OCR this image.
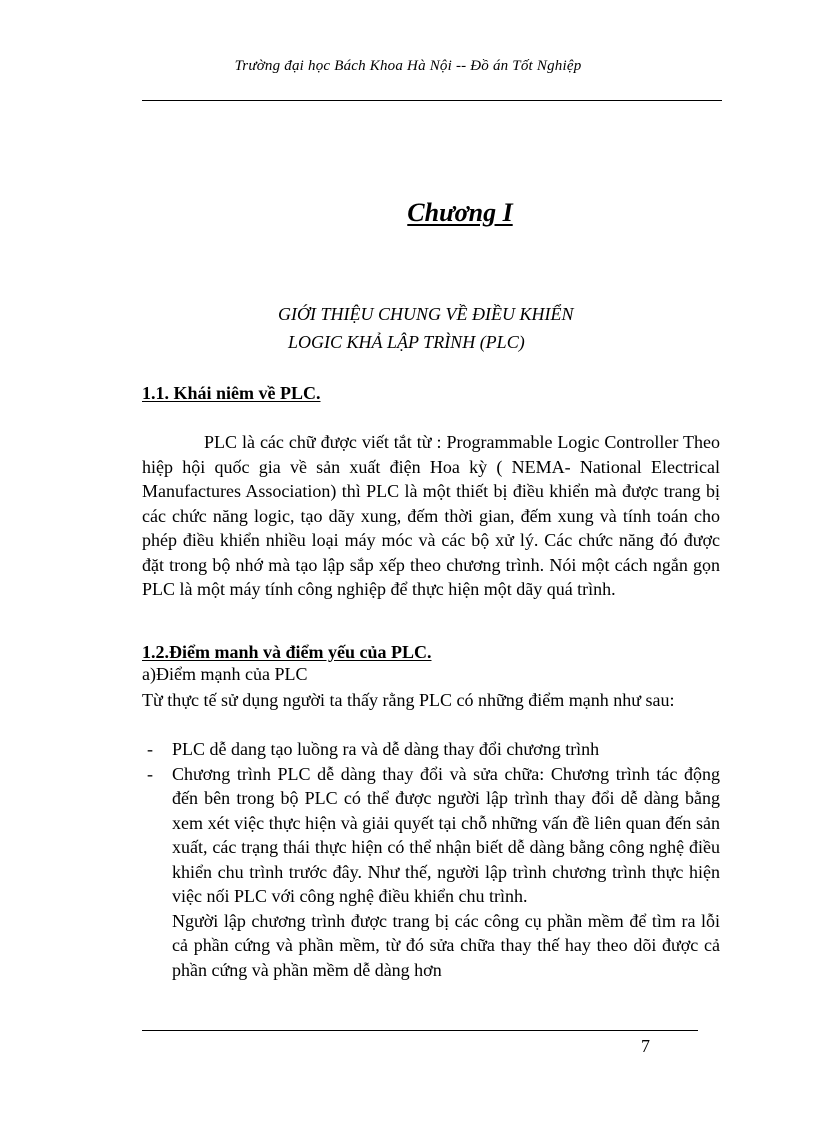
Trường đại học Bách Khoa Hà Nội -- Đồ án Tốt Nghiệp
Chương I
GIỚI THIỆU CHUNG VỀ ĐIỀU KHIỂN
LOGIC KHẢ LẬP TRÌNH (PLC)
1.1. Khái niêm về PLC.
PLC là các chữ được viết tắt từ : Programmable Logic Controller Theo hiệp hội quốc gia về sản xuất điện Hoa kỳ ( NEMA- National Electrical Manufactures Association) thì PLC là một thiết bị điều khiển mà được trang bị các chức năng logic, tạo dãy xung, đếm thời gian, đếm xung và tính toán cho phép điều khiển nhiều loại máy móc và các bộ xử lý. Các chức năng đó được đặt trong bộ nhớ mà tạo lập sắp xếp theo chương trình. Nói một cách ngắn gọn PLC là một máy tính công nghiệp để thực hiện một dãy quá trình.
1.2.Điểm manh và điểm yếu của PLC.
a)Điểm mạnh của PLC
Từ thực tế sử dụng người ta thấy rằng PLC có những điểm mạnh như sau:
- PLC dễ dang tạo luồng ra và dễ dàng thay đổi chương trình
- Chương trình PLC dễ dàng thay đổi và sửa chữa: Chương trình tác động đến bên trong bộ PLC có thể được người lập trình thay đổi dễ dàng bằng xem xét việc thực hiện và giải quyết tại chỗ những vấn đề liên quan đến sản xuất, các trạng thái thực hiện có thể nhận biết dễ dàng bằng công nghệ điều khiển chu trình trước đây. Như thế, người lập trình chương trình thực hiện việc nối PLC với công nghệ điều khiển chu trình.
Người lập chương trình được trang bị các công cụ phần mềm để tìm ra lỗi cả phần cứng và phần mềm, từ đó sửa chữa thay thế hay theo dõi được cả phần cứng và phần mềm dễ dàng hơn
7
